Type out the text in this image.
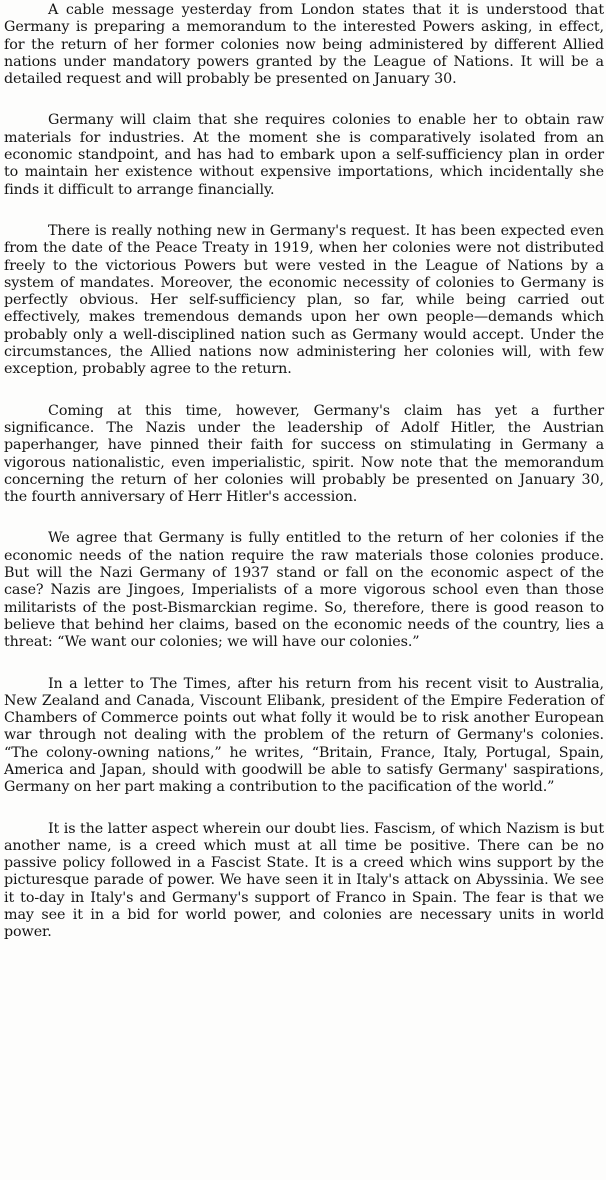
A cable message yesterday from London states that it is understood that Germany is preparing a memorandum to the interested Powers asking, in effect, for the return of her former colonies now being administered by different Allied nations under mandatory powers granted by the League of Nations. It will be a detailed request and will probably be presented on January 30.

Germany will claim that she requires colonies to enable her to obtain raw materials for industries. At the moment she is comparatively isolated from an economic standpoint, and has had to embark upon a self-sufficiency plan in order to maintain her existence without expensive importations, which incidentally she finds it difficult to arrange financially.

There is really nothing new in Germany's request. It has been expected even from the date of the Peace Treaty in 1919, when her colonies were not distributed freely to the victorious Powers but were vested in the League of Nations by a system of mandates. Moreover, the economic necessity of colonies to Germany is perfectly obvious. Her self-sufficiency plan, so far, while being carried out effectively, makes tremendous demands upon her own people—demands which probably only a well-disciplined nation such as Germany would accept. Under the circumstances, the Allied nations now administering her colonies will, with few exception, probably agree to the return.

Coming at this time, however, Germany's claim has yet a further significance. The Nazis under the leadership of Adolf Hitler, the Austrian paperhanger, have pinned their faith for success on stimulating in Germany a vigorous nationalistic, even imperialistic, spirit. Now note that the memorandum concerning the return of her colonies will probably be presented on January 30, the fourth anniversary of Herr Hitler's accession.

We agree that Germany is fully entitled to the return of her colonies if the economic needs of the nation require the raw materials those colonies produce. But will the Nazi Germany of 1937 stand or fall on the economic aspect of the case? Nazis are Jingoes, Imperialists of a more vigorous school even than those militarists of the post-Bismarckian regime. So, therefore, there is good reason to believe that behind her claims, based on the economic needs of the country, lies a threat: “We want our colonies; we will have our colonies.”

In a letter to The Times, after his return from his recent visit to Australia, New Zealand and Canada, Viscount Elibank, president of the Empire Federation of Chambers of Commerce points out what folly it would be to risk another European war through not dealing with the problem of the return of Germany's colonies. “The colony-owning nations,” he writes, “Britain, France, Italy, Portugal, Spain, America and Japan, should with goodwill be able to satisfy Germany' saspirations, Germany on her part making a contribution to the pacification of the world.”

It is the latter aspect wherein our doubt lies. Fascism, of which Nazism is but another name, is a creed which must at all time be positive. There can be no passive policy followed in a Fascist State. It is a creed which wins support by the picturesque parade of power. We have seen it in Italy's attack on Abyssinia. We see it to-day in Italy's and Germany's support of Franco in Spain. The fear is that we may see it in a bid for world power, and colonies are necessary units in world power.
